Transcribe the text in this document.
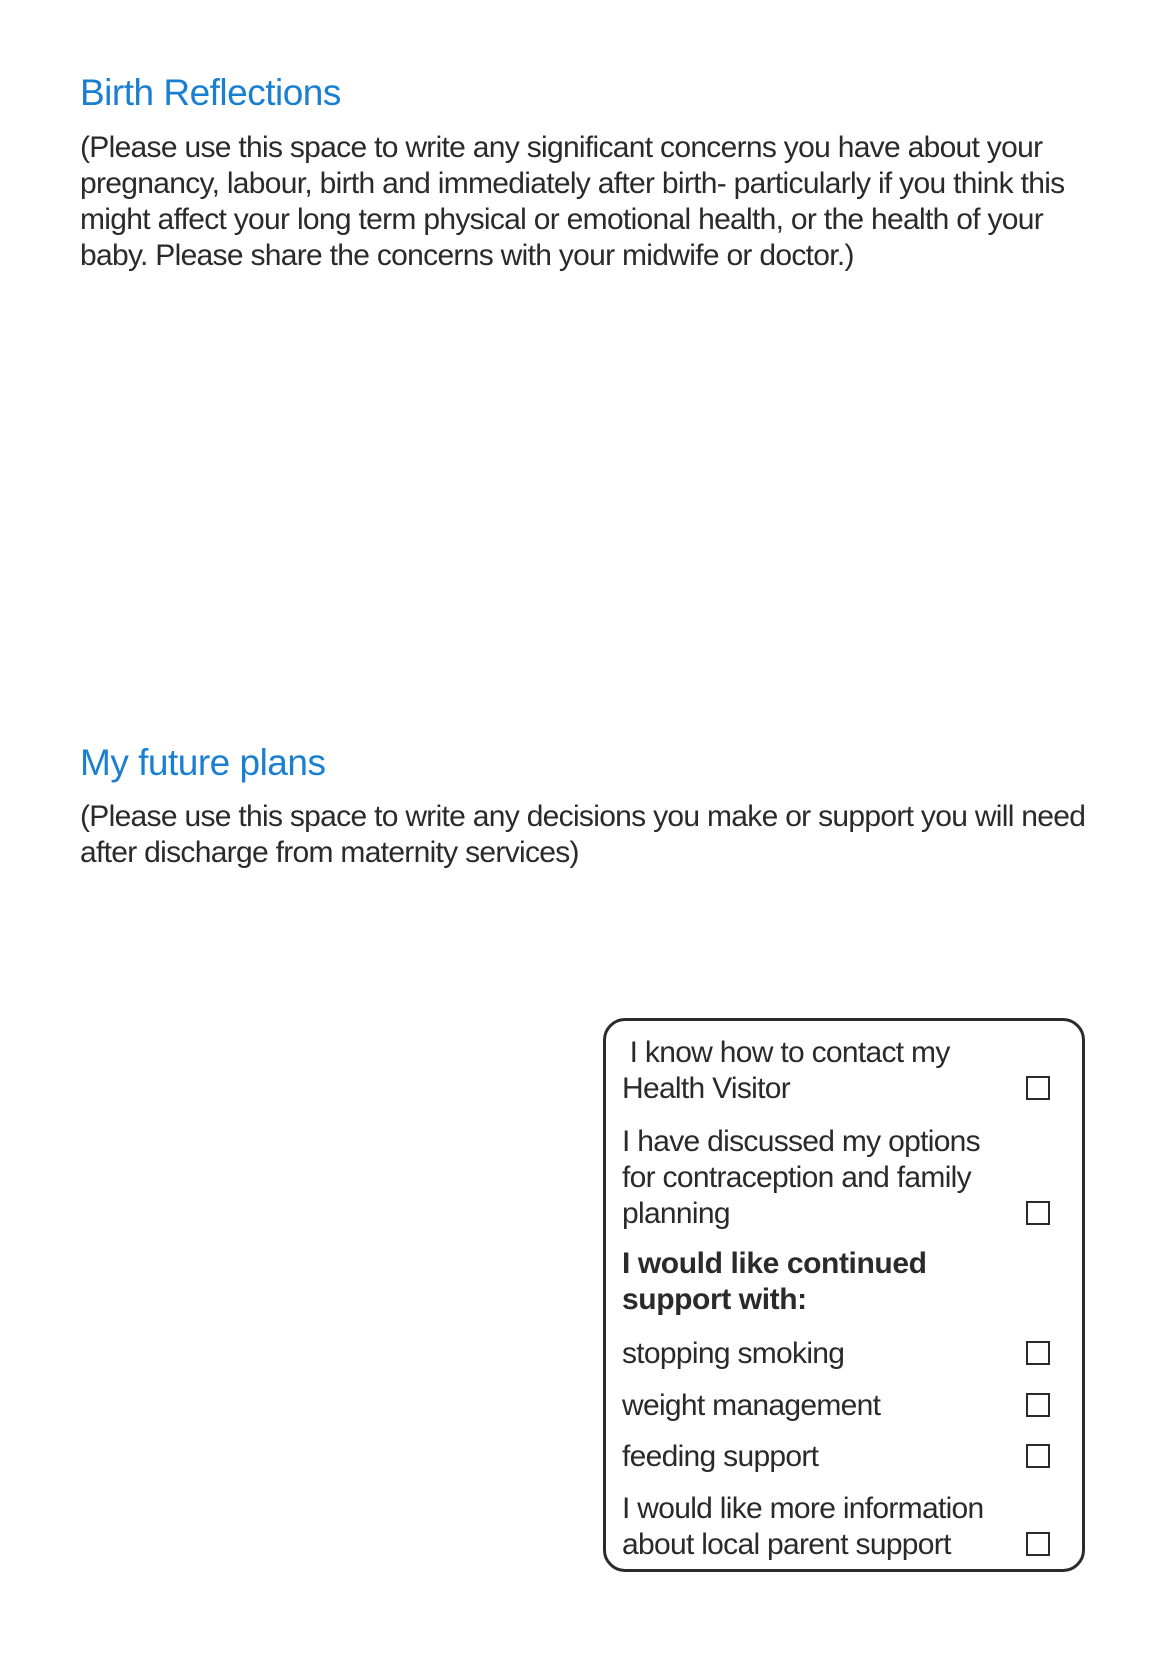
Birth Reflections

(Please use this space to write any significant concerns you have about your pregnancy, labour, birth and immediately after birth- particularly if you think this might affect your long term physical or emotional health, or the health of your baby. Please share the concerns with your midwife or doctor.)

My future plans

(Please use this space to write any decisions you make or support you will need after discharge from maternity services)

I know how to contact my Health Visitor
I have discussed my options for contraception and family planning
I would like continued support with:
stopping smoking
weight management
feeding support
I would like more information about local parent support
